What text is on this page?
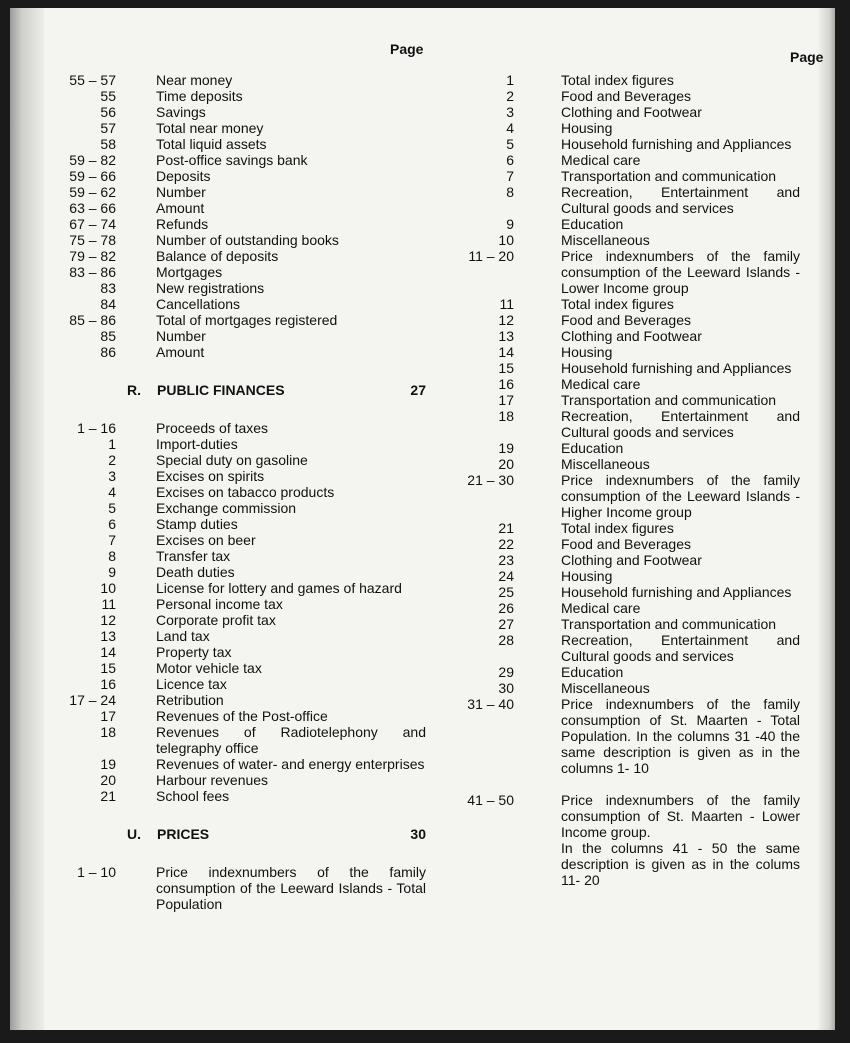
Page	Page
55 – 57	Near money
55	Time deposits
56	Savings
57	Total near money
58	Total liquid assets
59 – 82	Post-office savings bank
59 – 66	Deposits
59 – 62	Number
63 – 66	Amount
67 – 74	Refunds
75 – 78	Number of outstanding books
79 – 82	Balance of deposits
83 – 86	Mortgages
83	New registrations
84	Cancellations
85 – 86	Total of mortgages registered
85	Number
86	Amount
R. PUBLIC FINANCES	27
1 – 16	Proceeds of taxes
1	Import-duties
2	Special duty on gasoline
3	Excises on spirits
4	Excises on tabacco products
5	Exchange commission
6	Stamp duties
7	Excises on beer
8	Transfer tax
9	Death duties
10	License for lottery and games of hazard
11	Personal income tax
12	Corporate profit tax
13	Land tax
14	Property tax
15	Motor vehicle tax
16	Licence tax
17 – 24	Retribution
17	Revenues of the Post-office
18	Revenues of Radiotelephony and telegraphy office
19	Revenues of water- and energy enterprises
20	Harbour revenues
21	School fees
U. PRICES	30
1 – 10	Price indexnumbers of the family consumption of the Leeward Islands - Total Population
1	Total index figures
2	Food and Beverages
3	Clothing and Footwear
4	Housing
5	Household furnishing and Appliances
6	Medical care
7	Transportation and communication
8	Recreation, Entertainment and Cultural goods and services
9	Education
10	Miscellaneous
11 – 20	Price indexnumbers of the family consumption of the Leeward Islands - Lower Income group
11	Total index figures
12	Food and Beverages
13	Clothing and Footwear
14	Housing
15	Household furnishing and Appliances
16	Medical care
17	Transportation and communication
18	Recreation, Entertainment and Cultural goods and services
19	Education
20	Miscellaneous
21 – 30	Price indexnumbers of the family consumption of the Leeward Islands - Higher Income group
21	Total index figures
22	Food and Beverages
23	Clothing and Footwear
24	Housing
25	Household furnishing and Appliances
26	Medical care
27	Transportation and communication
28	Recreation, Entertainment and Cultural goods and services
29	Education
30	Miscellaneous
31 – 40	Price indexnumbers of the family consumption of St. Maarten - Total Population. In the columns 31 -40 the same description is given as in the columns 1- 10
41 – 50	Price indexnumbers of the family consumption of St. Maarten - Lower Income group.
In the columns 41 - 50 the same description is given as in the colums 11- 20
